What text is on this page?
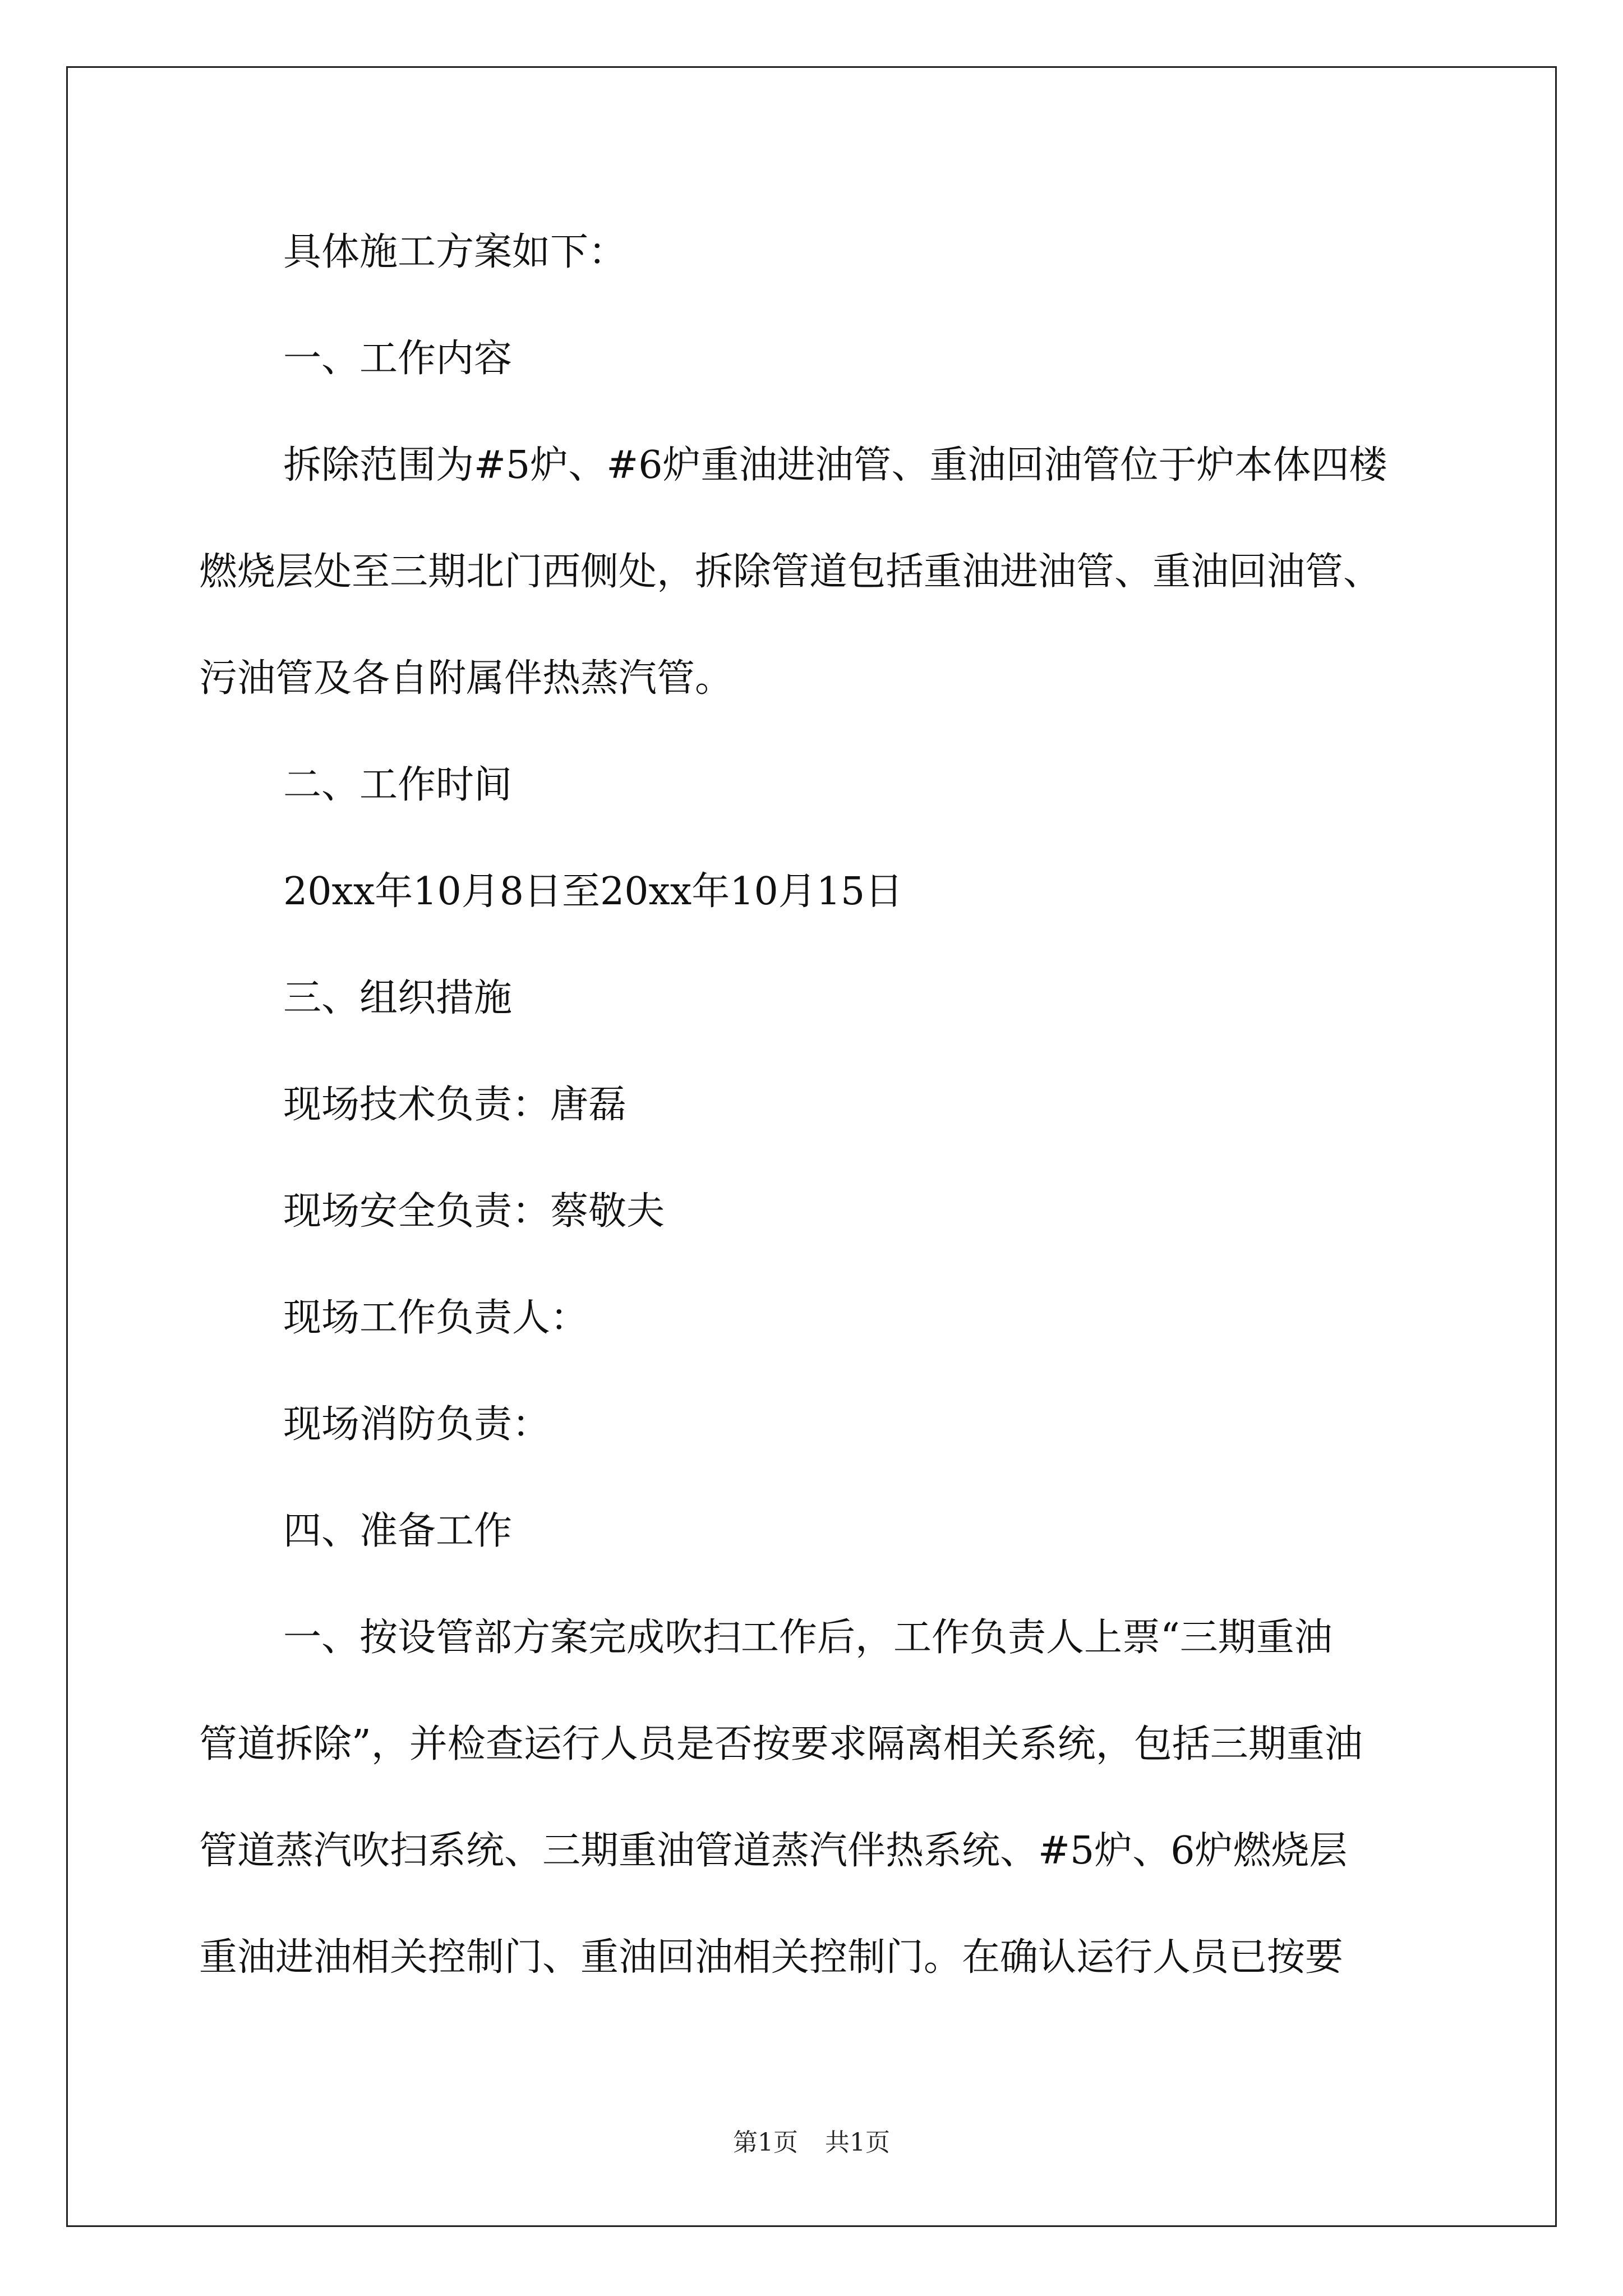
具体施工方案如下：
一、工作内容
拆除范围为#5炉、#6炉重油进油管、重油回油管位于炉本体四楼
燃烧层处至三期北门西侧处，拆除管道包括重油进油管、重油回油管、
污油管及各自附属伴热蒸汽管。
二、工作时间
20xx年10月8日至20xx年10月15日
三、组织措施
现场技术负责：唐磊
现场安全负责：蔡敬夫
现场工作负责人：
现场消防负责：
四、准备工作
一、按设管部方案完成吹扫工作后，工作负责人上票“三期重油
管道拆除”，并检查运行人员是否按要求隔离相关系统，包括三期重油
管道蒸汽吹扫系统、三期重油管道蒸汽伴热系统、#5炉、6炉燃烧层
重油进油相关控制门、重油回油相关控制门。在确认运行人员已按要
第1页 共1页
